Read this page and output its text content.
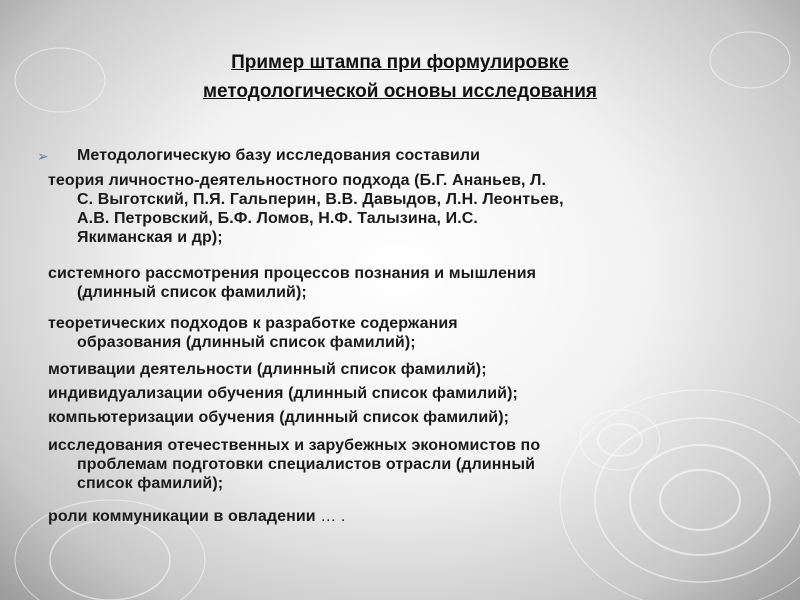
Пример штампа при формулировке
методологической основы исследования
➢ Методологическую базу исследования составили
теория личностно-деятельностного подхода (Б.Г. Ананьев, Л.
С. Выготский, П.Я. Гальперин, В.В. Давыдов, Л.Н. Леонтьев,
А.В. Петровский, Б.Ф. Ломов, Н.Ф. Талызина, И.С.
Якиманская и др);
системного рассмотрения процессов познания и мышления
(длинный список фамилий);
теоретических подходов к разработке содержания
образования (длинный список фамилий);
мотивации деятельности (длинный список фамилий);
индивидуализации обучения (длинный список фамилий);
компьютеризации обучения (длинный список фамилий);
исследования отечественных и зарубежных экономистов по
проблемам подготовки специалистов отрасли (длинный
список фамилий);
роли коммуникации в овладении … .
